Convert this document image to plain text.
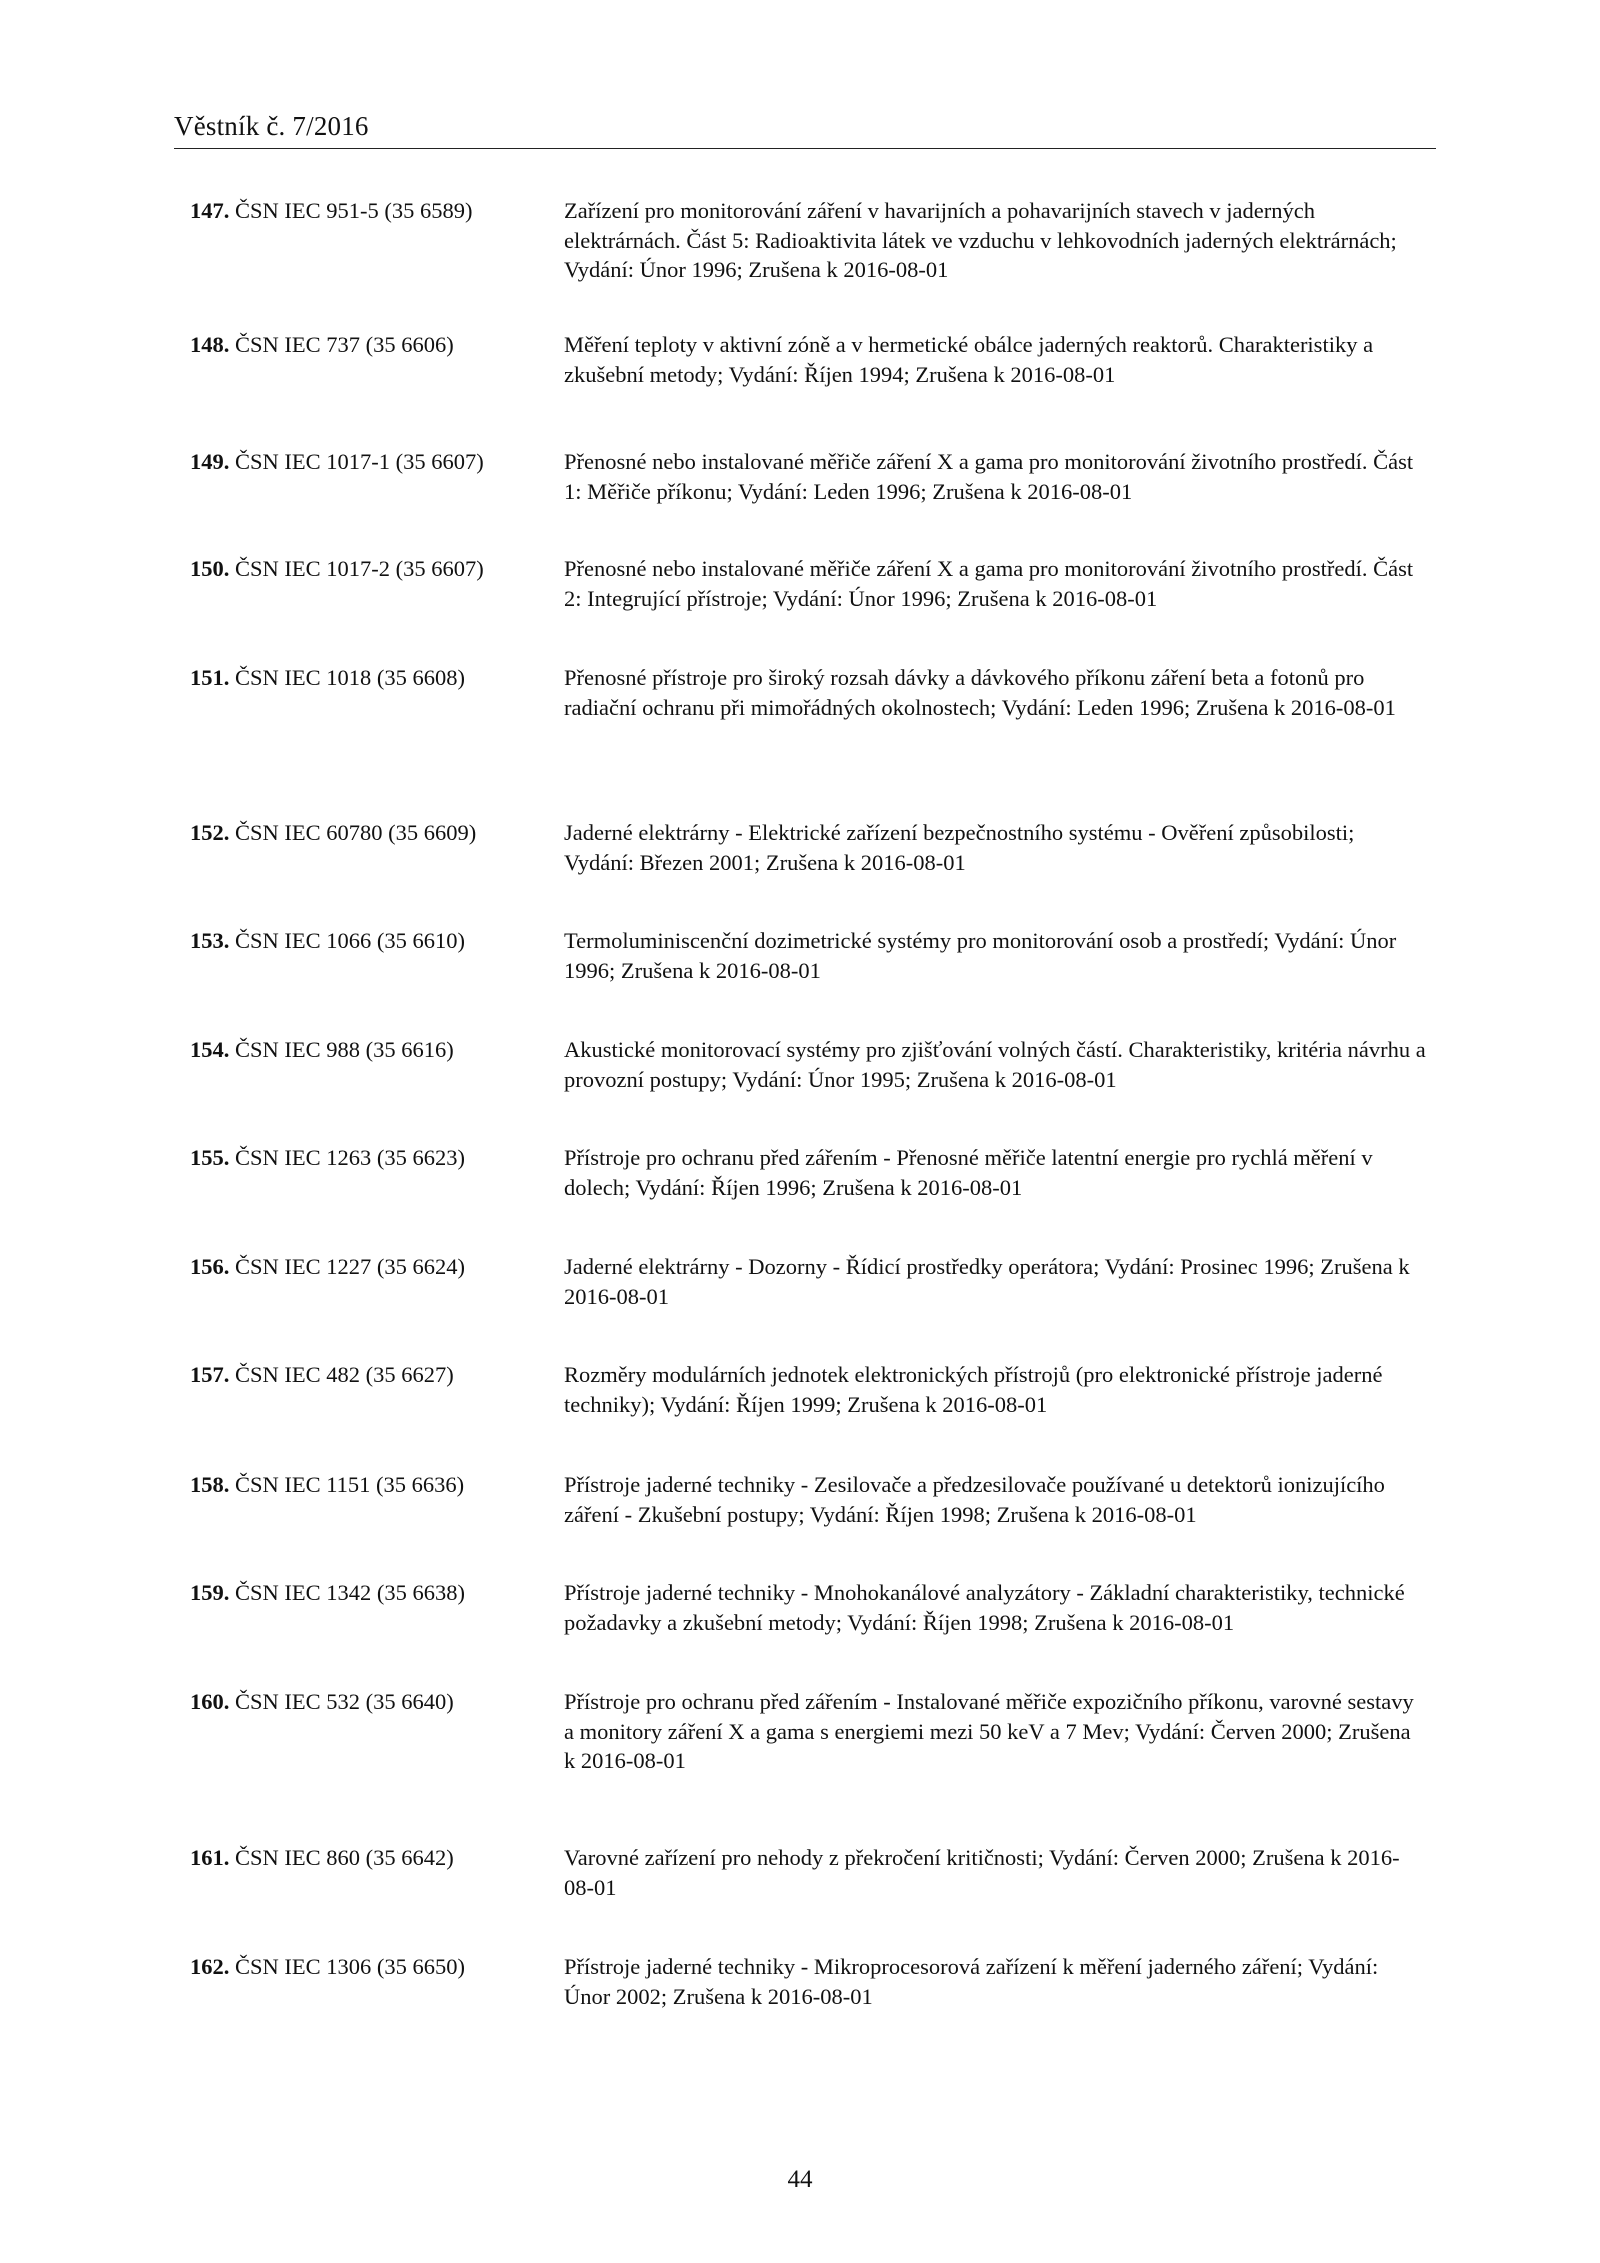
Věstník č. 7/2016
147. ČSN IEC 951-5 (35 6589)	Zařízení pro monitorování záření v havarijních a pohavarijních stavech v jaderných elektrárnách. Část 5: Radioaktivita látek ve vzduchu v lehkovodních jaderných elektrárnách; Vydání: Únor 1996; Zrušena k 2016-08-01
148. ČSN IEC 737 (35 6606)	Měření teploty v aktivní zóně a v hermetické obálce jaderných reaktorů. Charakteristiky a zkušební metody; Vydání: Říjen 1994; Zrušena k 2016-08-01
149. ČSN IEC 1017-1 (35 6607)	Přenosné nebo instalované měřiče záření X a gama pro monitorování životního prostředí. Část 1: Měřiče příkonu; Vydání: Leden 1996; Zrušena k 2016-08-01
150. ČSN IEC 1017-2 (35 6607)	Přenosné nebo instalované měřiče záření X a gama pro monitorování životního prostředí. Část 2: Integrující přístroje; Vydání: Únor 1996; Zrušena k 2016-08-01
151. ČSN IEC 1018 (35 6608)	Přenosné přístroje pro široký rozsah dávky a dávkového příkonu záření beta a fotonů pro radiační ochranu při mimořádných okolnostech; Vydání: Leden 1996; Zrušena k 2016-08-01
152. ČSN IEC 60780 (35 6609)	Jaderné elektrárny - Elektrické zařízení bezpečnostního systému - Ověření způsobilosti; Vydání: Březen 2001; Zrušena k 2016-08-01
153. ČSN IEC 1066 (35 6610)	Termoluminiscenční dozimetrické systémy pro monitorování osob a prostředí; Vydání: Únor 1996; Zrušena k 2016-08-01
154. ČSN IEC 988 (35 6616)	Akustické monitorovací systémy pro zjišťování volných částí. Charakteristiky, kritéria návrhu a provozní postupy; Vydání: Únor 1995; Zrušena k 2016-08-01
155. ČSN IEC 1263 (35 6623)	Přístroje pro ochranu před zářením - Přenosné měřiče latentní energie pro rychlá měření v dolech; Vydání: Říjen 1996; Zrušena k 2016-08-01
156. ČSN IEC 1227 (35 6624)	Jaderné elektrárny - Dozorny - Řídicí prostředky operátora; Vydání: Prosinec 1996; Zrušena k 2016-08-01
157. ČSN IEC 482 (35 6627)	Rozměry modulárních jednotek elektronických přístrojů (pro elektronické přístroje jaderné techniky); Vydání: Říjen 1999; Zrušena k 2016-08-01
158. ČSN IEC 1151 (35 6636)	Přístroje jaderné techniky - Zesilovače a předzesilovače používané u detektorů ionizujícího záření - Zkušební postupy; Vydání: Říjen 1998; Zrušena k 2016-08-01
159. ČSN IEC 1342 (35 6638)	Přístroje jaderné techniky - Mnohokanálové analyzátory - Základní charakteristiky, technické požadavky a zkušební metody; Vydání: Říjen 1998; Zrušena k 2016-08-01
160. ČSN IEC 532 (35 6640)	Přístroje pro ochranu před zářením - Instalované měřiče expozičního příkonu, varovné sestavy a monitory záření X a gama s energiemi mezi 50 keV a 7 Mev; Vydání: Červen 2000; Zrušena k 2016-08-01
161. ČSN IEC 860 (35 6642)	Varovné zařízení pro nehody z překročení kritičnosti; Vydání: Červen 2000; Zrušena k 2016-08-01
162. ČSN IEC 1306 (35 6650)	Přístroje jaderné techniky - Mikroprocesorová zařízení k měření jaderného záření; Vydání: Únor 2002; Zrušena k 2016-08-01
44
